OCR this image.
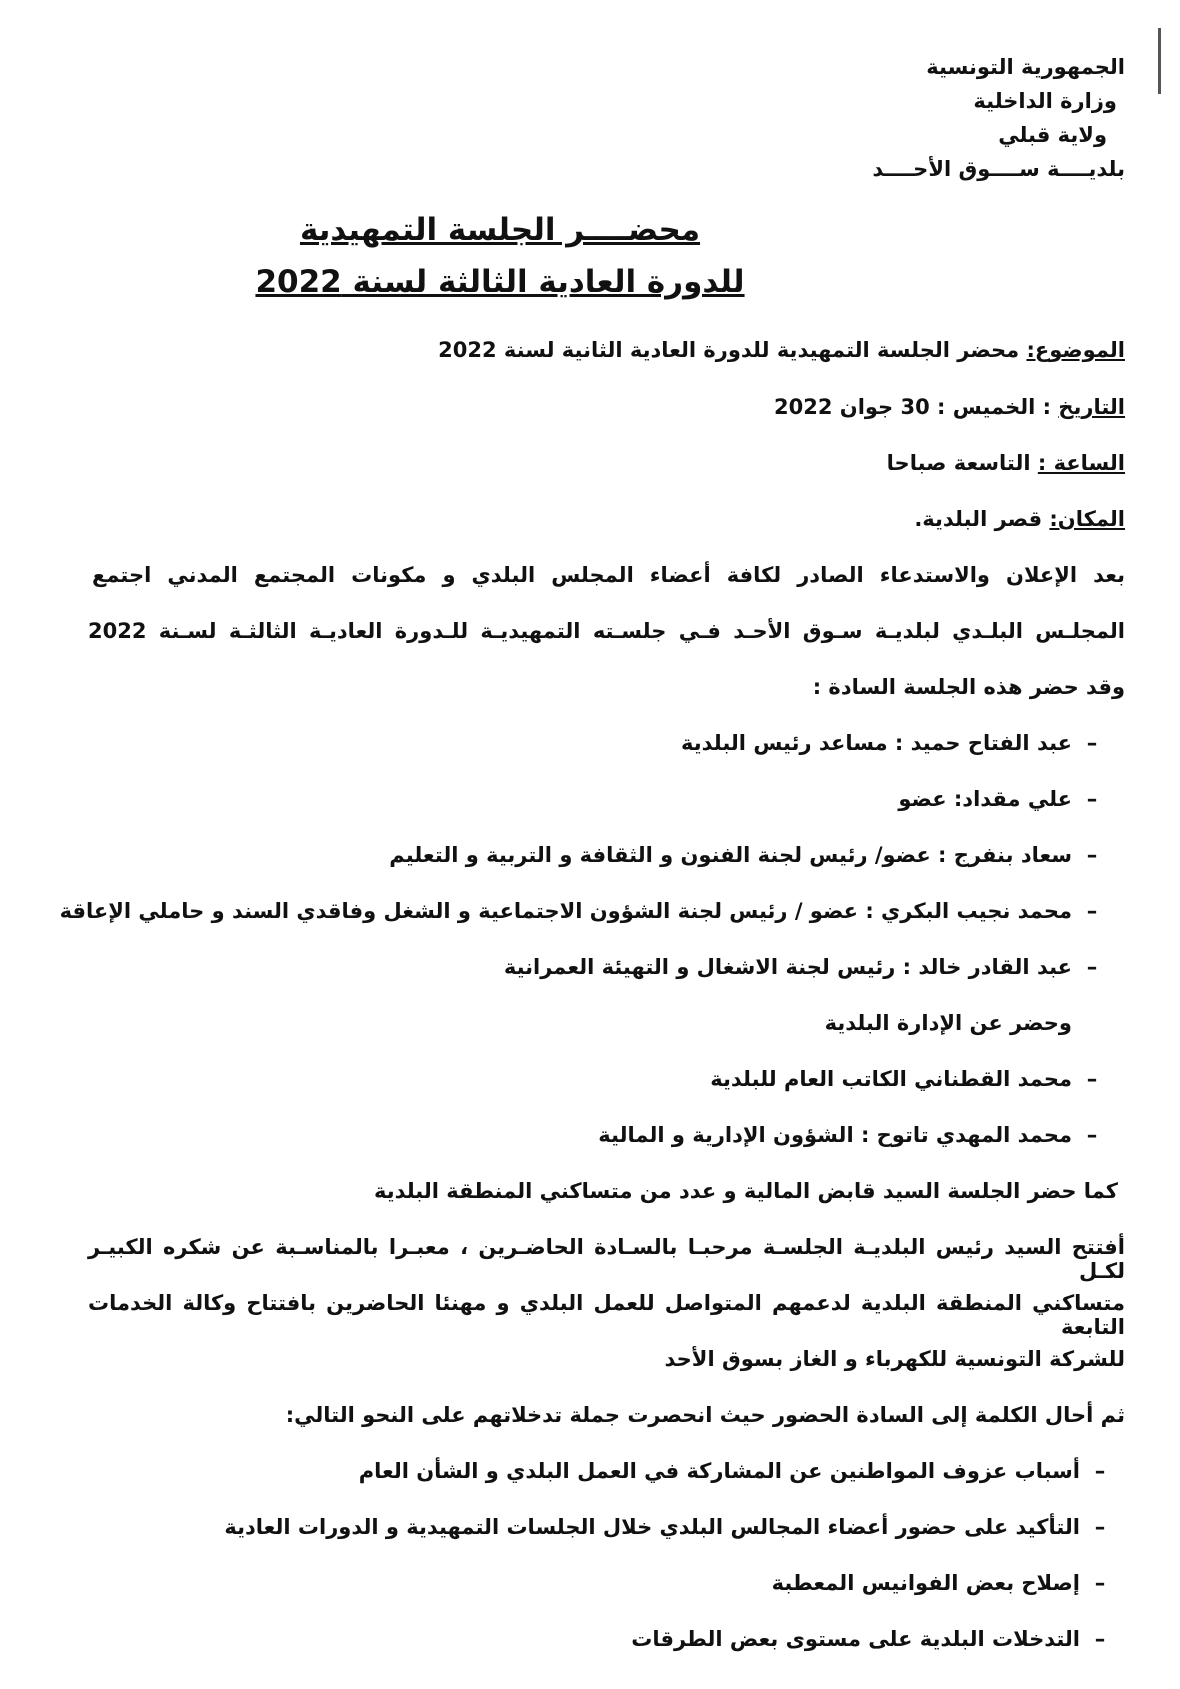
الجمهورية التونسية
وزارة الداخلية
ولاية قبلي
بلديــــة ســــوق الأحــــد
محضــــر الجلسة التمهيدية
للدورة العادية الثالثة لسنة 2022
الموضوع: محضر الجلسة التمهيدية للدورة العادية الثانية لسنة 2022
التاريخ : الخميس : 30 جوان 2022
الساعة : التاسعة صباحا
المكان: قصر البلدية.
بعد الإعلان والاستدعاء الصادر لكافة أعضاء المجلس البلدي و مكونات المجتمع المدني اجتمع
المجلـس البلـدي لبلديـة سـوق الأحـد فـي جلسـته التمهيديـة للـدورة العاديـة الثالثـة لسـنة 2022
وقد حضر هذه الجلسة السادة :
–عبد الفتاح حميد : مساعد رئيس البلدية
–علي مقداد: عضو
–سعاد بنفرج : عضو/ رئيس لجنة الفنون و الثقافة و التربية و التعليم
–محمد نجيب البكري : عضو / رئيس لجنة الشؤون الاجتماعية و الشغل وفاقدي السند و حاملي الإعاقة
–عبد القادر خالد : رئيس لجنة الاشغال و التهيئة العمرانية
وحضر عن الإدارة البلدية
–محمد القطناني الكاتب العام للبلدية
–محمد المهدي تاتوح : الشؤون الإدارية و المالية
كما حضر الجلسة السيد قابض المالية و عدد من متساكني المنطقة البلدية
أفتتح السيد رئيس البلديـة الجلسـة مرحبـا بالسـادة الحاضـرين ، معبـرا بالمناسـبة عن شكره الكبيـر لكـل
متساكني المنطقة البلدية لدعمهم المتواصل للعمل البلدي و مهنئا الحاضرين بافتتاح وكالة الخدمات التابعة
للشركة التونسية للكهرباء و الغاز بسوق الأحد
ثم أحال الكلمة إلى السادة الحضور حيث انحصرت جملة تدخلاتهم على النحو التالي:
–أسباب عزوف المواطنين عن المشاركة في العمل البلدي و الشأن العام
–التأكيد على حضور أعضاء المجالس البلدي خلال الجلسات التمهيدية و الدورات العادية
–إصلاح بعض الفوانيس المعطبة
–التدخلات البلدية على مستوى بعض الطرقات
